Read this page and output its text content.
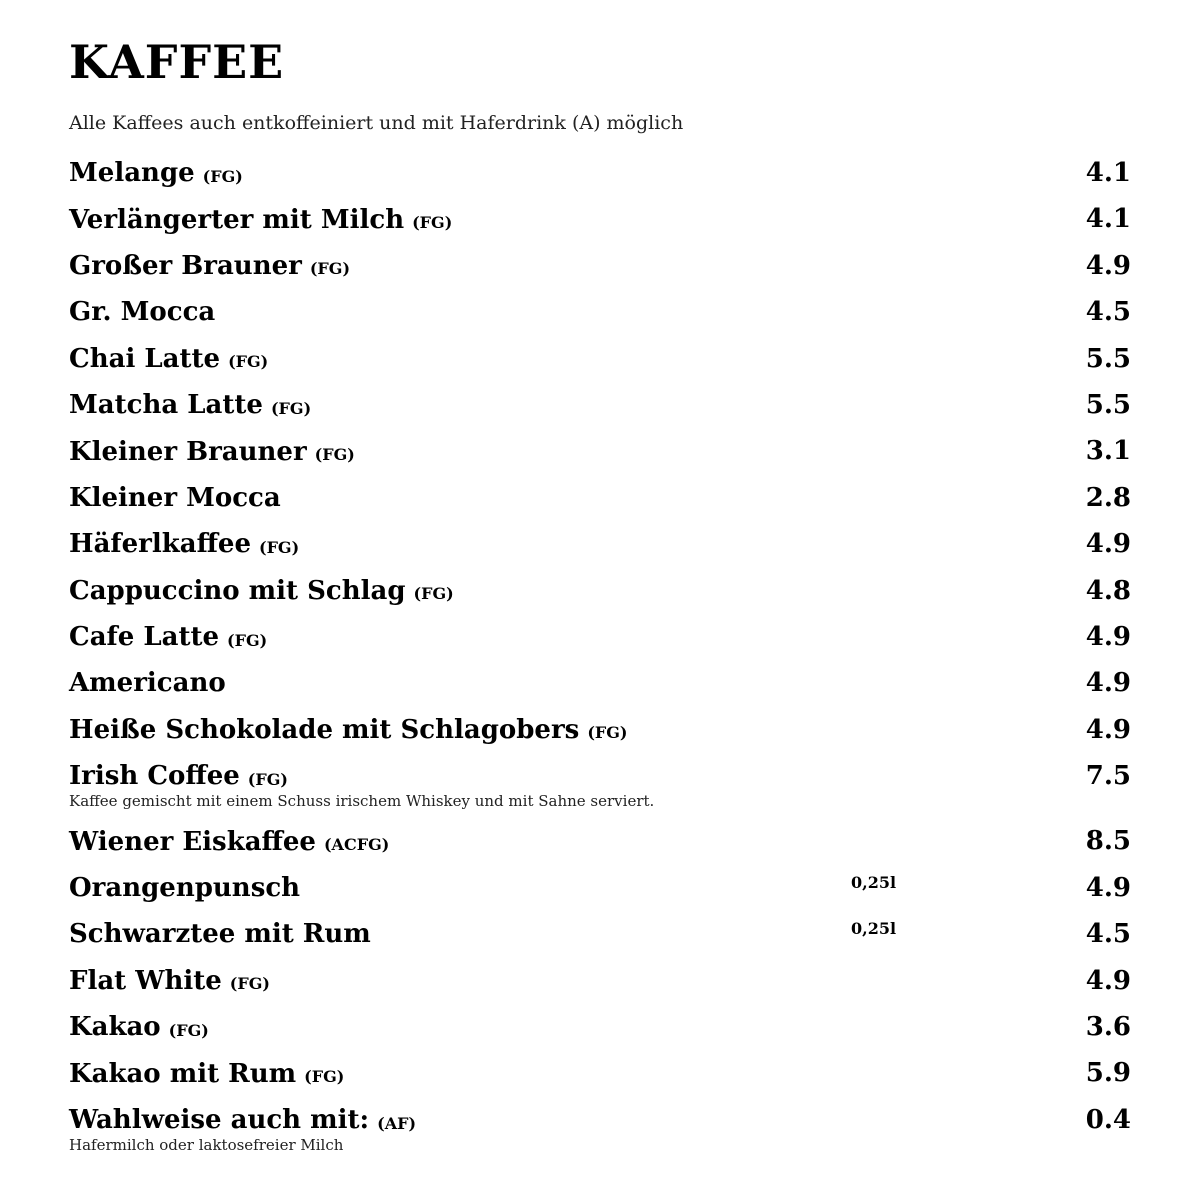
KAFFEE
Alle Kaffees auch entkoffeiniert und mit Haferdrink (A) möglich
Melange (FG)	4.1
Verlängerter mit Milch (FG)	4.1
Großer Brauner (FG)	4.9
Gr. Mocca	4.5
Chai Latte (FG)	5.5
Matcha Latte (FG)	5.5
Kleiner Brauner (FG)	3.1
Kleiner Mocca	2.8
Häferlkaffee (FG)	4.9
Cappuccino mit Schlag (FG)	4.8
Cafe Latte (FG)	4.9
Americano	4.9
Heiße Schokolade mit Schlagobers (FG)	4.9
Irish Coffee (FG)	7.5
Kaffee gemischt mit einem Schuss irischem Whiskey und mit Sahne serviert.
Wiener Eiskaffee (ACFG)	8.5
Orangenpunsch	0,25l	4.9
Schwarztee mit Rum	0,25l	4.5
Flat White (FG)	4.9
Kakao (FG)	3.6
Kakao mit Rum (FG)	5.9
Wahlweise auch mit: (AF)	0.4
Hafermilch oder laktosefreier Milch
